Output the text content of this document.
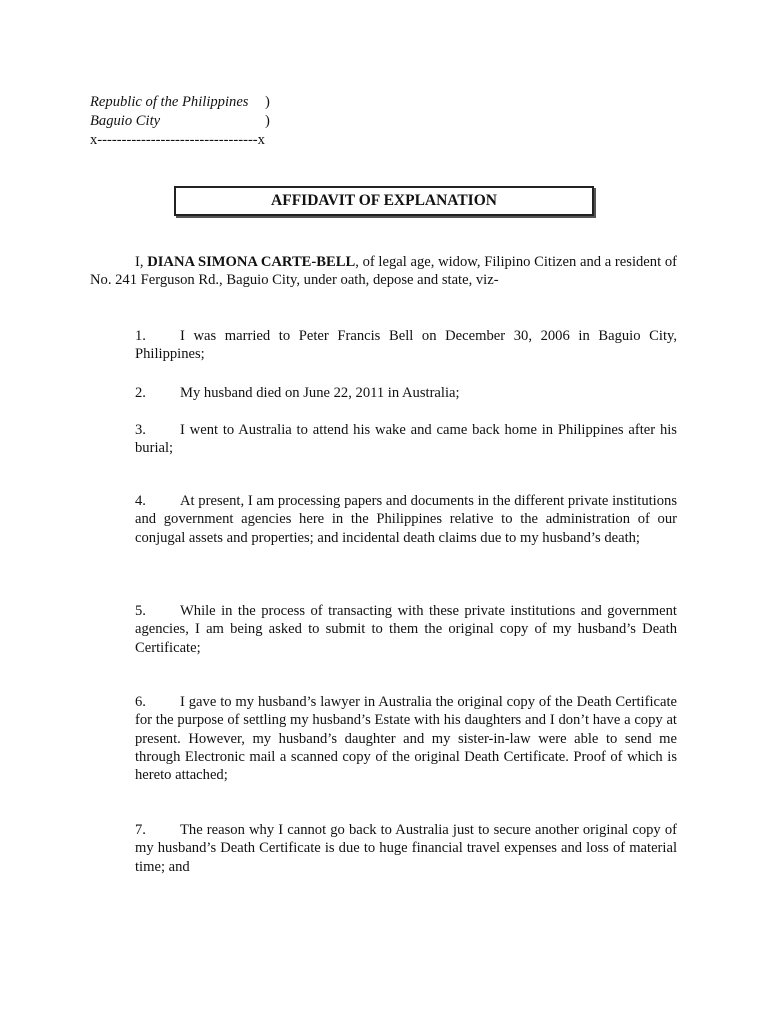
Republic of the Philippines )
Baguio City	)
x---------------------------------x
AFFIDAVIT OF EXPLANATION

I, DIANA SIMONA CARTE-BELL, of legal age, widow, Filipino Citizen and a resident of No. 241 Ferguson Rd., Baguio City, under oath, depose and state, viz-

1. I was married to Peter Francis Bell on December 30, 2006 in Baguio City, Philippines;
2. My husband died on June 22, 2011 in Australia;
3. I went to Australia to attend his wake and came back home in Philippines after his burial;
4. At present, I am processing papers and documents in the different private institutions and government agencies here in the Philippines relative to the administration of our conjugal assets and properties; and incidental death claims due to my husband’s death;
5. While in the process of transacting with these private institutions and government agencies, I am being asked to submit to them the original copy of my husband’s Death Certificate;
6. I gave to my husband’s lawyer in Australia the original copy of the Death Certificate for the purpose of settling my husband’s Estate with his daughters and I don’t have a copy at present. However, my husband’s daughter and my sister-in-law were able to send me through Electronic mail a scanned copy of the original Death Certificate. Proof of which is hereto attached;
7. The reason why I cannot go back to Australia just to secure another original copy of my husband’s Death Certificate is due to huge financial travel expenses and loss of material time; and
